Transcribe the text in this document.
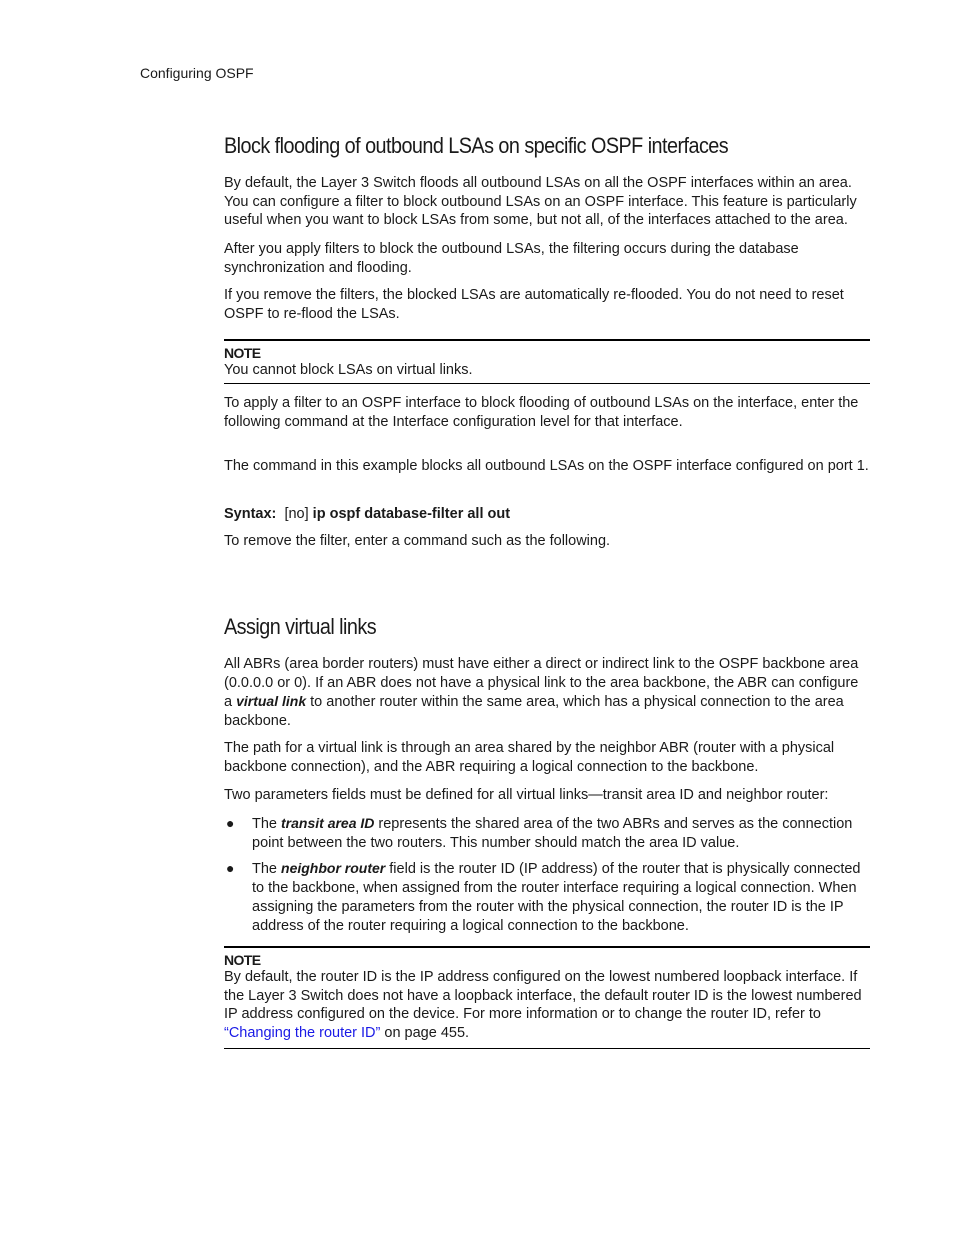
Configuring OSPF
Block flooding of outbound LSAs on specific OSPF interfaces

By default, the Layer 3 Switch floods all outbound LSAs on all the OSPF interfaces within an area. You can configure a filter to block outbound LSAs on an OSPF interface. This feature is particularly useful when you want to block LSAs from some, but not all, of the interfaces attached to the area.

After you apply filters to block the outbound LSAs, the filtering occurs during the database synchronization and flooding.

If you remove the filters, the blocked LSAs are automatically re-flooded. You do not need to reset OSPF to re-flood the LSAs.

NOTE
You cannot block LSAs on virtual links.

To apply a filter to an OSPF interface to block flooding of outbound LSAs on the interface, enter the following command at the Interface configuration level for that interface.

The command in this example blocks all outbound LSAs on the OSPF interface configured on port 1.

Syntax: [no] ip ospf database-filter all out

To remove the filter, enter a command such as the following.

Assign virtual links

All ABRs (area border routers) must have either a direct or indirect link to the OSPF backbone area (0.0.0.0 or 0). If an ABR does not have a physical link to the area backbone, the ABR can configure a virtual link to another router within the same area, which has a physical connection to the area backbone.

The path for a virtual link is through an area shared by the neighbor ABR (router with a physical backbone connection), and the ABR requiring a logical connection to the backbone.

Two parameters fields must be defined for all virtual links—transit area ID and neighbor router:

● The transit area ID represents the shared area of the two ABRs and serves as the connection point between the two routers. This number should match the area ID value.
● The neighbor router field is the router ID (IP address) of the router that is physically connected to the backbone, when assigned from the router interface requiring a logical connection. When assigning the parameters from the router with the physical connection, the router ID is the IP address of the router requiring a logical connection to the backbone.
NOTE
By default, the router ID is the IP address configured on the lowest numbered loopback interface. If the Layer 3 Switch does not have a loopback interface, the default router ID is the lowest numbered IP address configured on the device. For more information or to change the router ID, refer to “Changing the router ID” on page 455.
